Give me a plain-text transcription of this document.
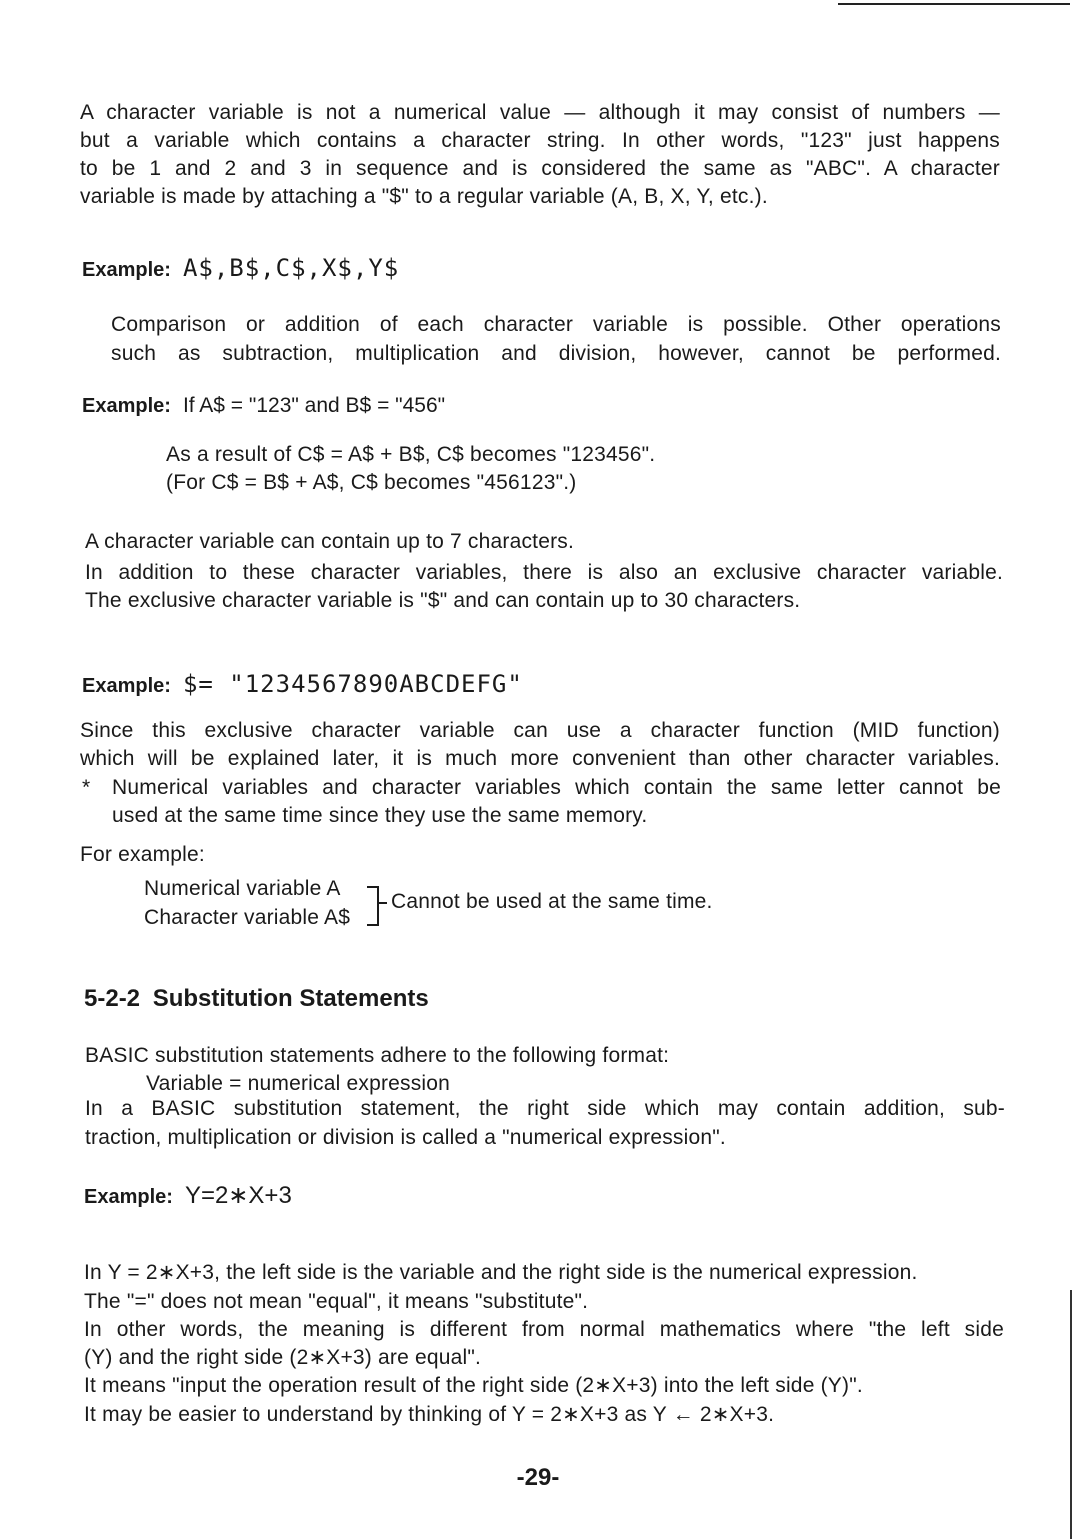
A character variable is not a numerical value — although it may consist of numbers —
but a variable which contains a character string. In other words, "123" just happens
to be 1 and 2 and 3 in sequence and is considered the same as "ABC". A character
variable is made by attaching a "$" to a regular variable (A, B, X, Y, etc.).
Example: A$,B$,C$,X$,Y$
Comparison or addition of each character variable is possible. Other operations
such as subtraction, multiplication and division, however, cannot be performed.
Example: If A$ = "123" and B$ = "456"
As a result of C$ = A$ + B$, C$ becomes "123456".
(For C$ = B$ + A$, C$ becomes "456123".)
A character variable can contain up to 7 characters.
In addition to these character variables, there is also an exclusive character variable.
The exclusive character variable is "$" and can contain up to 30 characters.
Example: $= "1234567890ABCDEFG"
Since this exclusive character variable can use a character function (MID function)
which will be explained later, it is much more convenient than other character variables.
* Numerical variables and character variables which contain the same letter cannot be
used at the same time since they use the same memory.
For example:
Numerical variable A
Character variable A$
Cannot be used at the same time.
5-2-2 Substitution Statements
BASIC substitution statements adhere to the following format:
Variable = numerical expression
In a BASIC substitution statement, the right side which may contain addition, sub-
traction, multiplication or division is called a "numerical expression".
Example: Y=2∗X+3
In Y = 2∗X+3, the left side is the variable and the right side is the numerical expression.
The "=" does not mean "equal", it means "substitute".
In other words, the meaning is different from normal mathematics where "the left side
(Y) and the right side (2∗X+3) are equal".
It means "input the operation result of the right side (2∗X+3) into the left side (Y)".
It may be easier to understand by thinking of Y = 2∗X+3 as Y ← 2∗X+3.
-29-
